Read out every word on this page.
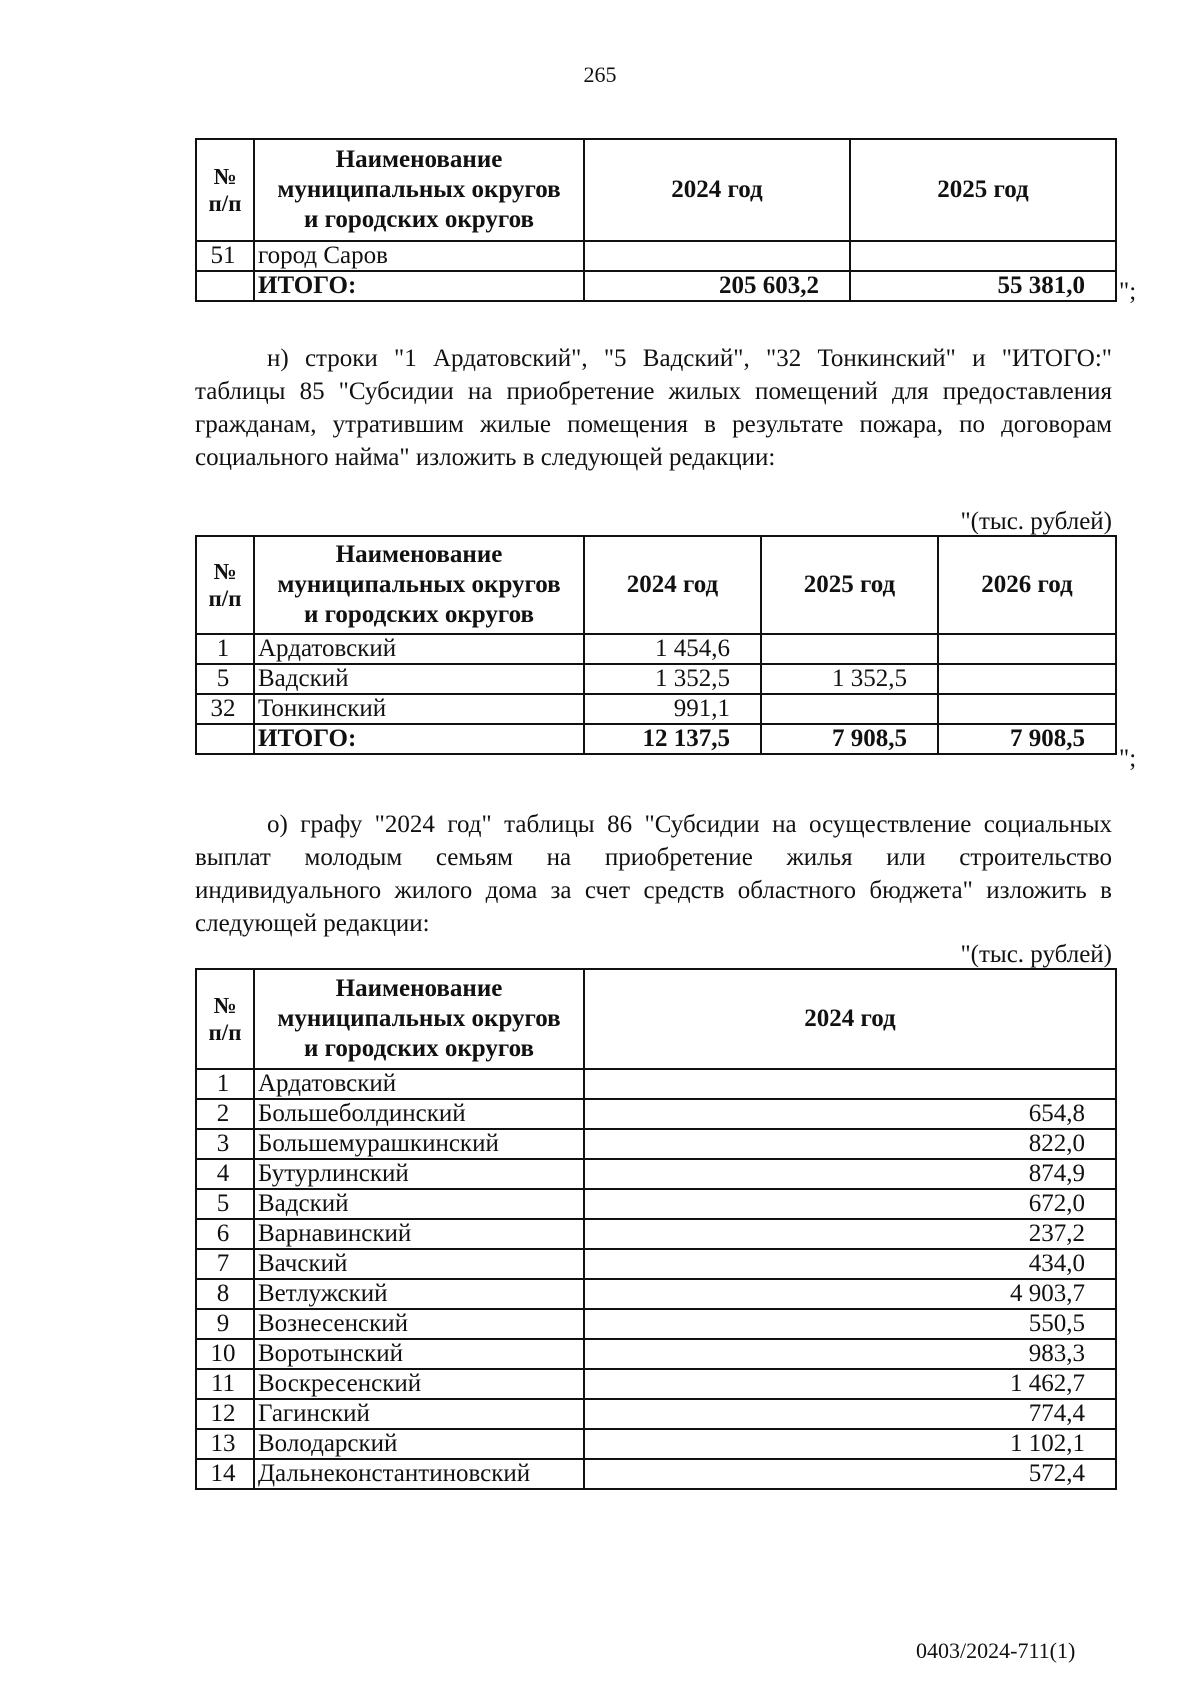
265
№
п/п	Наименование
муниципальных округов
и городских округов	2024 год	2025 год
51	город Саров		
	ИТОГО:	205 603,2	55 381,0 ";

н) строки "1 Ардатовский", "5 Вадский", "32 Тонкинский" и "ИТОГО:" таблицы 85 "Субсидии на приобретение жилых помещений для предоставления гражданам, утратившим жилые помещения в результате пожара, по договорам социального найма" изложить в следующей редакции:

"(тыс. рублей)
№
п/п	Наименование
муниципальных округов
и городских округов	2024 год	2025 год	2026 год
1	Ардатовский	1 454,6		
5	Вадский	1 352,5	1 352,5	
32	Тонкинский	991,1		
	ИТОГО:	12 137,5	7 908,5	7 908,5
";

о) графу "2024 год" таблицы 86 "Субсидии на осуществление социальных выплат молодым семьям на приобретение жилья или строительство индивидуального жилого дома за счет средств областного бюджета" изложить в следующей редакции:

"(тыс. рублей)
№
п/п	Наименование
муниципальных округов
и городских округов	2024 год
1	Ардатовский	
2	Большеболдинский	654,8
3	Большемурашкинский	822,0
4	Бутурлинский	874,9
5	Вадский	672,0
6	Варнавинский	237,2
7	Вачский	434,0
8	Ветлужский	4 903,7
9	Вознесенский	550,5
10	Воротынский	983,3
11	Воскресенский	1 462,7
12	Гагинский	774,4
13	Володарский	1 102,1
14	Дальнеконстантиновский	572,4
0403/2024-711(1)
